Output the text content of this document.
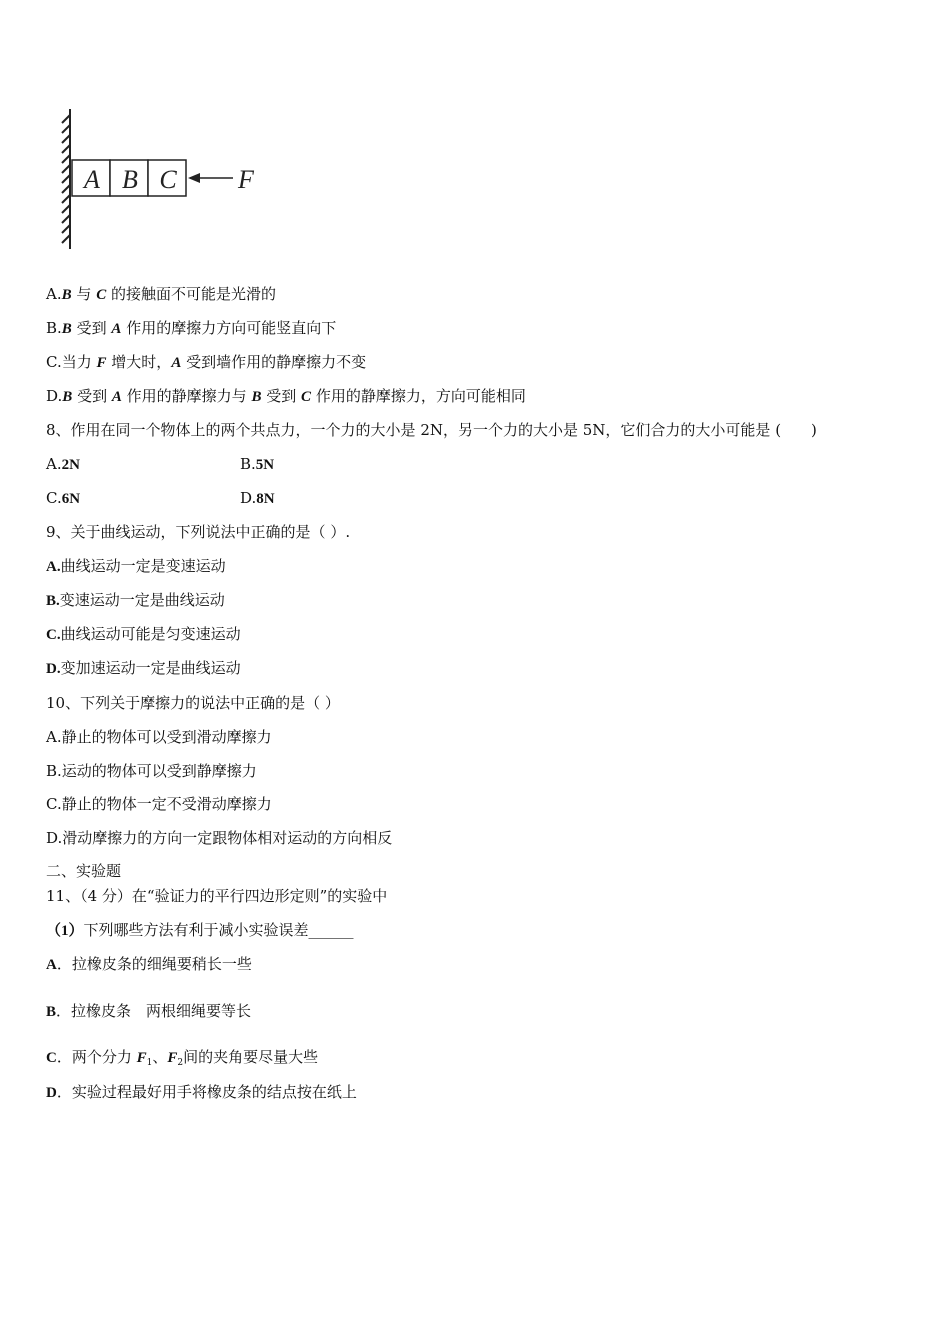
A B C F
A.B 与 C 的接触面不可能是光滑的
B.B 受到 A 作用的摩擦力方向可能竖直向下
C.当力 F 增大时，A 受到墙作用的静摩擦力不变
D.B 受到 A 作用的静摩擦力与 B 受到 C 作用的静摩擦力，方向可能相同
8、作用在同一个物体上的两个共点力，一个力的大小是 2N，另一个力的大小是 5N，它们合力的大小可能是 (　　)
A.2N	B.5N
C.6N	D.8N
9、关于曲线运动，下列说法中正确的是（ ）.
A.曲线运动一定是变速运动
B.变速运动一定是曲线运动
C.曲线运动可能是匀变速运动
D.变加速运动一定是曲线运动
10、下列关于摩擦力的说法中正确的是（ ）
A.静止的物体可以受到滑动摩擦力
B.运动的物体可以受到静摩擦力
C.静止的物体一定不受滑动摩擦力
D.滑动摩擦力的方向一定跟物体相对运动的方向相反
二、实验题
11、（4 分）在“验证力的平行四边形定则”的实验中
（1）下列哪些方法有利于减小实验误差______
A．拉橡皮条的细绳要稍长一些
B．拉橡皮条　两根细绳要等长
C．两个分力 $F_1$、$F_2$间的夹角要尽量大些
D．实验过程最好用手将橡皮条的结点按在纸上
